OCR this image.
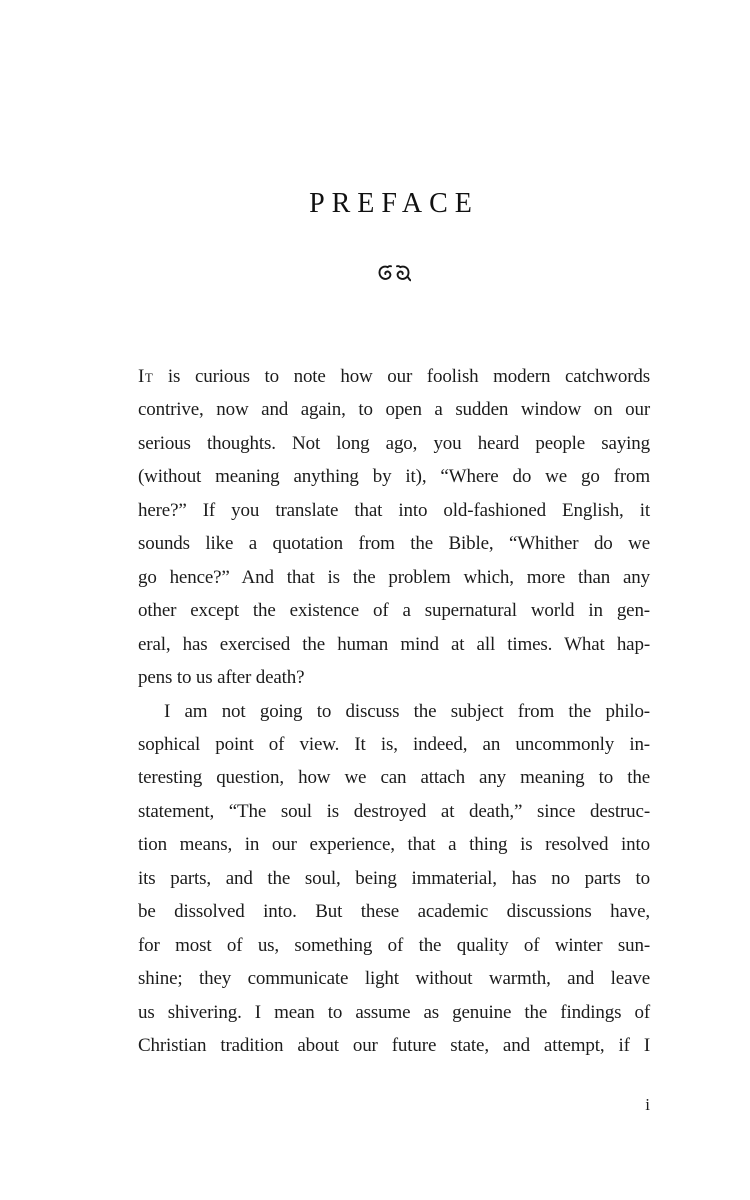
PREFACE
It is curious to note how our foolish modern catchwords
contrive, now and again, to open a sudden window on our
serious thoughts. Not long ago, you heard people saying
(without meaning anything by it), “Where do we go from
here?” If you translate that into old-fashioned English, it
sounds like a quotation from the Bible, “Whither do we
go hence?” And that is the problem which, more than any
other except the existence of a supernatural world in gen-
eral, has exercised the human mind at all times. What hap-
pens to us after death?
I am not going to discuss the subject from the philo-
sophical point of view. It is, indeed, an uncommonly in-
teresting question, how we can attach any meaning to the
statement, “The soul is destroyed at death,” since destruc-
tion means, in our experience, that a thing is resolved into
its parts, and the soul, being immaterial, has no parts to
be dissolved into. But these academic discussions have,
for most of us, something of the quality of winter sun-
shine; they communicate light without warmth, and leave
us shivering. I mean to assume as genuine the findings of
Christian tradition about our future state, and attempt, if I
i
